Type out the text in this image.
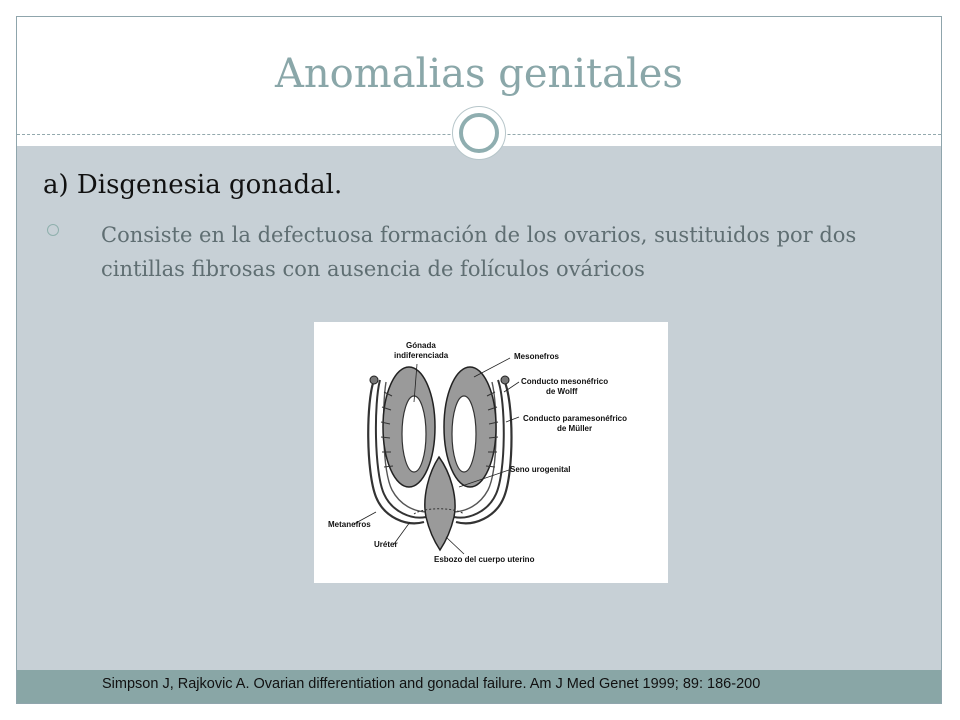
Anomalias genitales
a) Disgenesia gonadal.
Consiste en la defectuosa formación de los ovarios, sustituidos por dos cintillas fibrosas con ausencia de folículos ováricos
Gónada
indiferenciada	Mesonefros
Conducto mesonéfrico
de Wolff
Conducto paramesonéfrico
de Müller
Seno urogenital
Metanefros
Uréter
Esbozo del cuerpo uterino
Simpson J, Rajkovic A. Ovarian differentiation and gonadal failure. Am J Med Genet 1999; 89: 186-200
